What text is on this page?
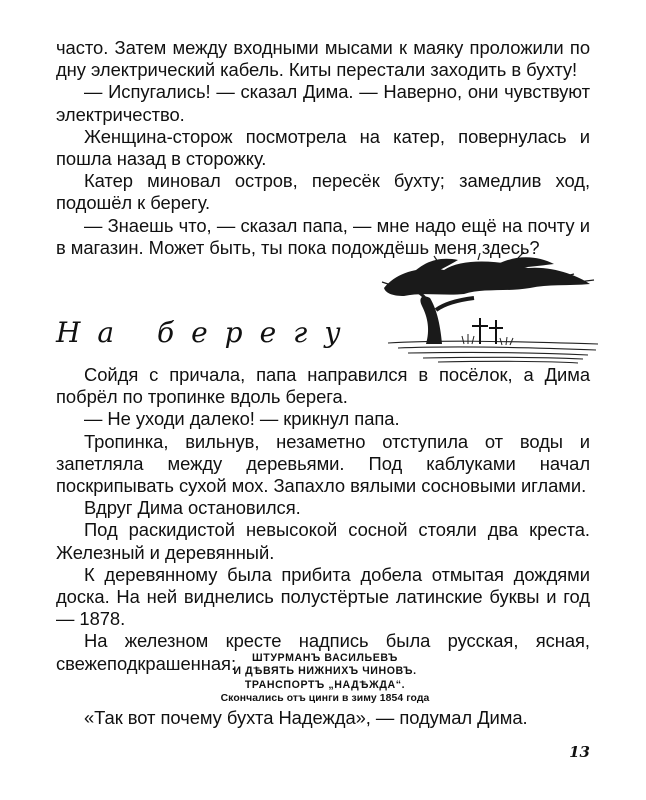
часто. Затем между входными мысами к маяку проложили по дну электрический кабель. Киты перестали заходить в бухту!

— Испугались! — сказал Дима. — Наверно, они чувствуют электричество.

Женщина-сторож посмотрела на катер, повернулась и пошла назад в сторожку.

Катер миновал остров, пересёк бухту; замедлив ход, подошёл к берегу.

— Знаешь что, — сказал папа, — мне надо ещё на почту и в магазин. Может быть, ты пока подождёшь меня здесь?

На берегу

Сойдя с причала, папа направился в посёлок, а Дима побрёл по тропинке вдоль берега.

— Не уходи далеко! — крикнул папа.

Тропинка, вильнув, незаметно отступила от воды и запетляла между деревьями. Под каблуками начал поскрипывать сухой мох. Запахло вялыми сосновыми иглами.

Вдруг Дима остановился.

Под раскидистой невысокой сосной стояли два креста. Железный и деревянный.

К деревянному была прибита добела отмытая дождями доска. На ней виднелись полустёртые латинские буквы и год — 1878.

На железном кресте надпись была русская, ясная, свежеподкрашенная:	ШТУРМАНЪ ВАСИЛЬЕВЪ
И ДѢВЯТЬ НИЖНИХЪ ЧИНОВЪ.
ТРАНСПОРТЪ „НАДѢЖДА“.
Скончались отъ цинги в зиму 1854 года
«Так вот почему бухта Надежда», — подумал Дима.
13
